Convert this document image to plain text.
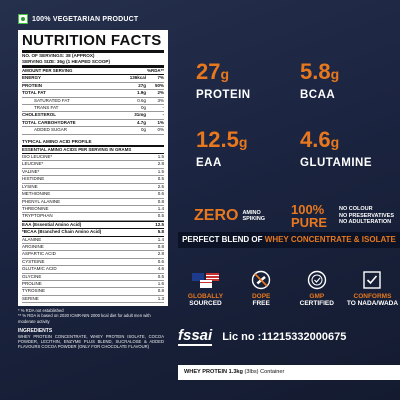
100% VEGETARIAN PRODUCT
NUTRITION FACTS
NO. OF SERVINGS: 38 (APPROX)
SERVING SIZE: 36g (1 HEAPED SCOOP)
AMOUNT PER SERVING	%RDA**
ENERGY	136kcal	7%
PROTEIN	27g	50%
TOTAL FAT	1.9g	2%
SATURATED FAT	0.6g	3%
TRANS FAT	0g	-
CHOLESTEROL	31mg	-
TOTAL CARBOHYDRATE	4.7g	1%
ADDED SUGAR	0g	0%
TYPICAL AMINO ACID PROFILE
ESSENTIAL AMINO ACIDS PER SERVING IN GRAMS
ISO LEUCINE*	1.5
LEUCINE*	2.8
VALINE*	1.5
HISTIDINE	0.5
LYSINE	2.5
METHIONINE	0.6
PHENYL ALANINE	0.8
THREONINE	1.4
TRYPTOPHAN	0.5
EAA (Essential Amino Acid)	12.5
*BCAA (Branched Chain Amino Acid)	5.8
ALANINE	1.4
ARGININE	0.8
ASPARTIC ACID	2.8
CYSTEINE	0.6
GLUTAMIC ACID	4.6
GLYCINE	0.5
PROLINE	1.6
TYROSINE	0.8
SERINE	1.3
* % RDA not established
** % RDA is based on 2020 ICMR-NIN 2000 kcal diet for adult men with moderate activity
INGREDIENTS
WHEY PROTEIN CONCENTRATE, WHEY PROTEIN ISOLATE, COCOA POWDER, LECITHIN, ENZYME PLUS BLEND, SUCRALOSE & ADDED FLAVOURS COCOA POWDER (ONLY FOR CHOCOLATE FLAVOUR)
27g
PROTEIN
5.8g
BCAA
12.5g
EAA
4.6g
GLUTAMINE
ZERO AMINO SPIKING
100% PURE
NO COLOUR
NO PRESERVATIVES
NO ADULTERATION
PERFECT BLEND OF WHEY CONCENTRATE & ISOLATE
GLOBALLY
SOURCED
DOPE
FREE
GMP
CERTIFIED
CONFORMS
TO NADA/WADA
fssai Lic no :11215332000675
WHEY PROTEIN 1.3kg (3lbs) Container
